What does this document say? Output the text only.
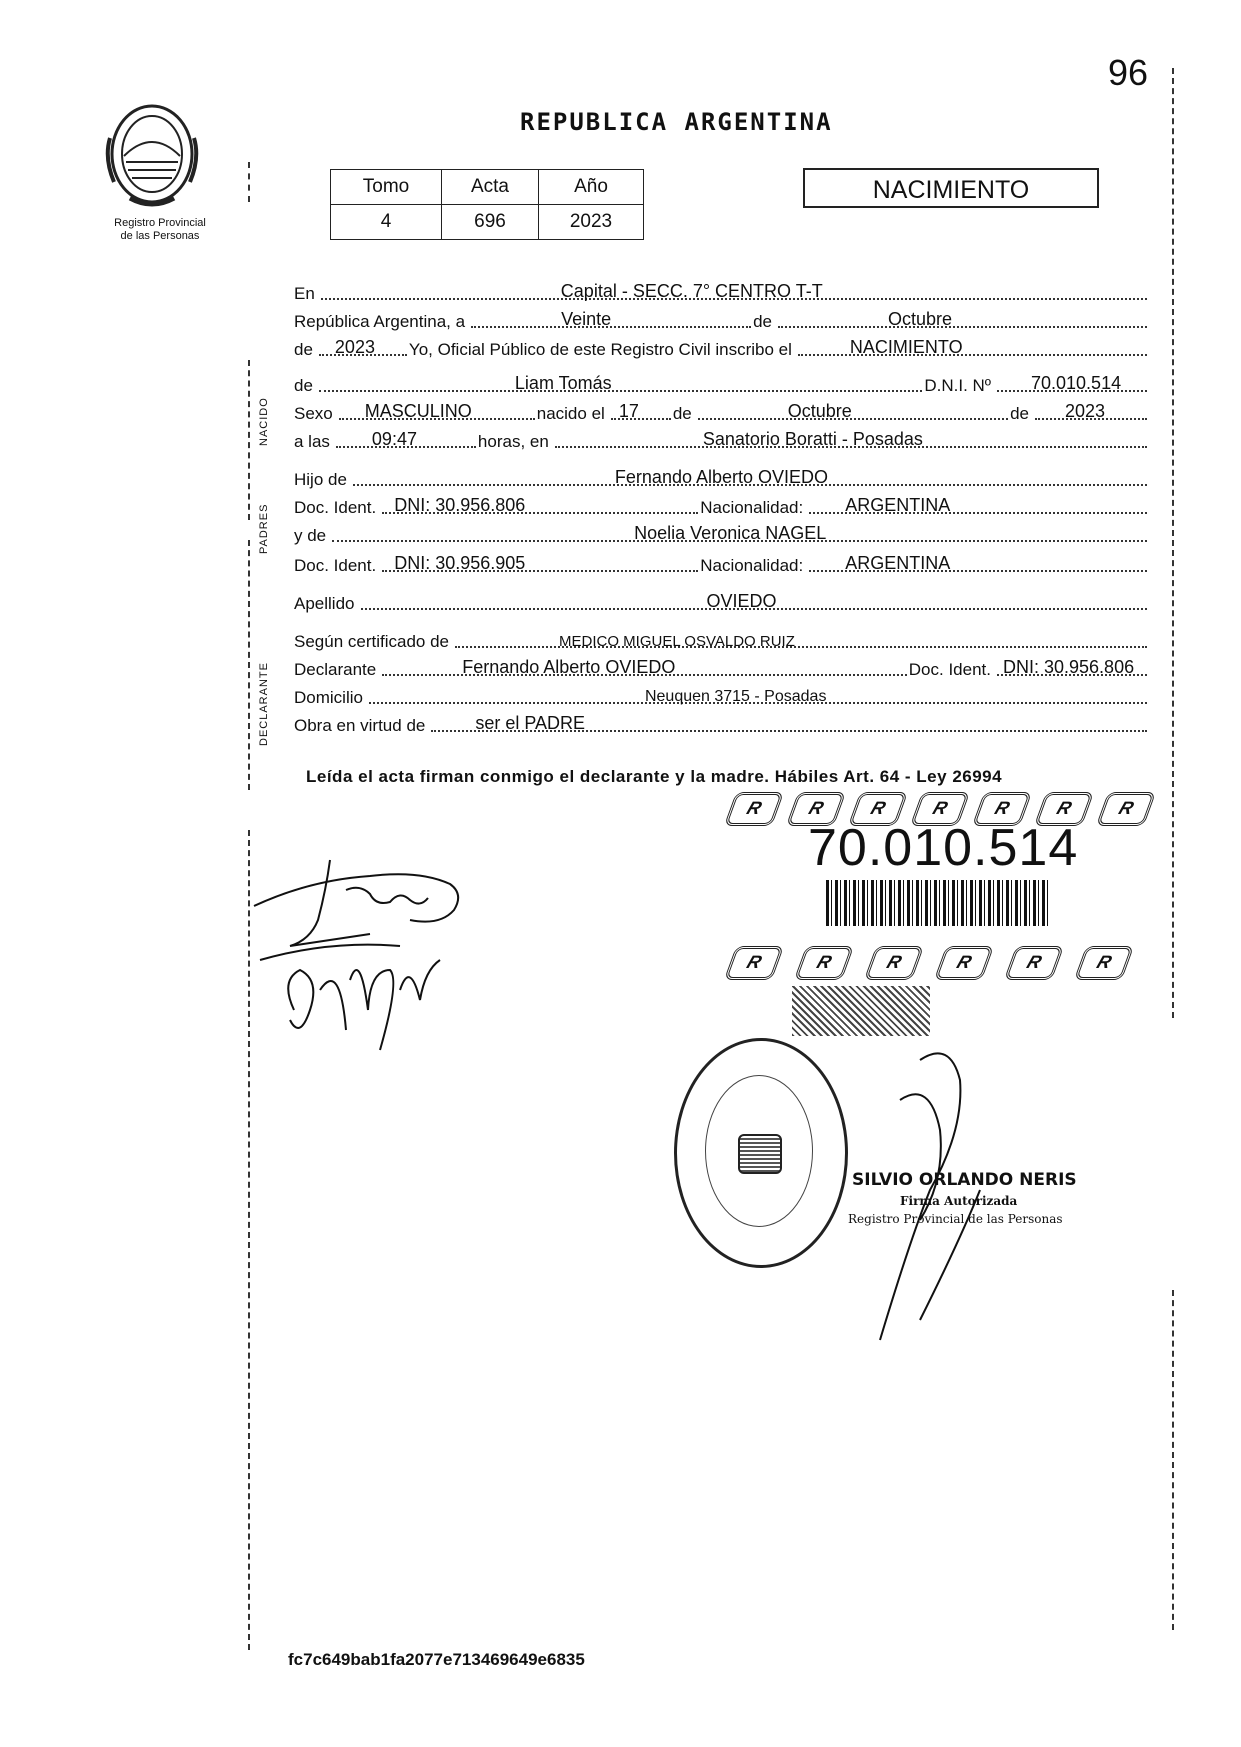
96
Registro Provincial
de las Personas
REPUBLICA ARGENTINA
Tomo	Acta	Año
4	696	2023
NACIMIENTO
NACIDO
PADRES
DECLARANTE
En	Capital - SECC. 7° CENTRO T-T
República Argentina, a	Veinte	de	Octubre
de 2023 Yo, Oficial Público de este Registro Civil inscribo el	NACIMIENTO
de	Liam Tomás	D.N.I. Nº 70.010.514
Sexo MASCULINO	nacido el 17 de	Octubre	de 2023
a las 09:47	horas, en	Sanatorio Boratti - Posadas
Hijo de	Fernando Alberto OVIEDO
Doc. Ident. DNI: 30.956.806	Nacionalidad: ARGENTINA
y de	Noelia Veronica NAGEL
Doc. Ident. DNI: 30.956.905	Nacionalidad: ARGENTINA
Apellido	OVIEDO
Según certificado de	MEDICO MIGUEL OSVALDO RUIZ
Declarante	Fernando Alberto OVIEDO	Doc. Ident. DNI: 30.956.806
Domicilio	Neuquen 3715 - Posadas
Obra en virtud de	ser el PADRE
Leída el acta firman conmigo el declarante y la madre. Hábiles Art. 64 - Ley 26994
R	R	R	R	R	R	R
70.010.514
R	R	R	R	R	R
SILVIO ORLANDO NERIS
Firma Autorizada
Registro Provincial de las Personas
fc7c649bab1fa2077e713469649e6835
